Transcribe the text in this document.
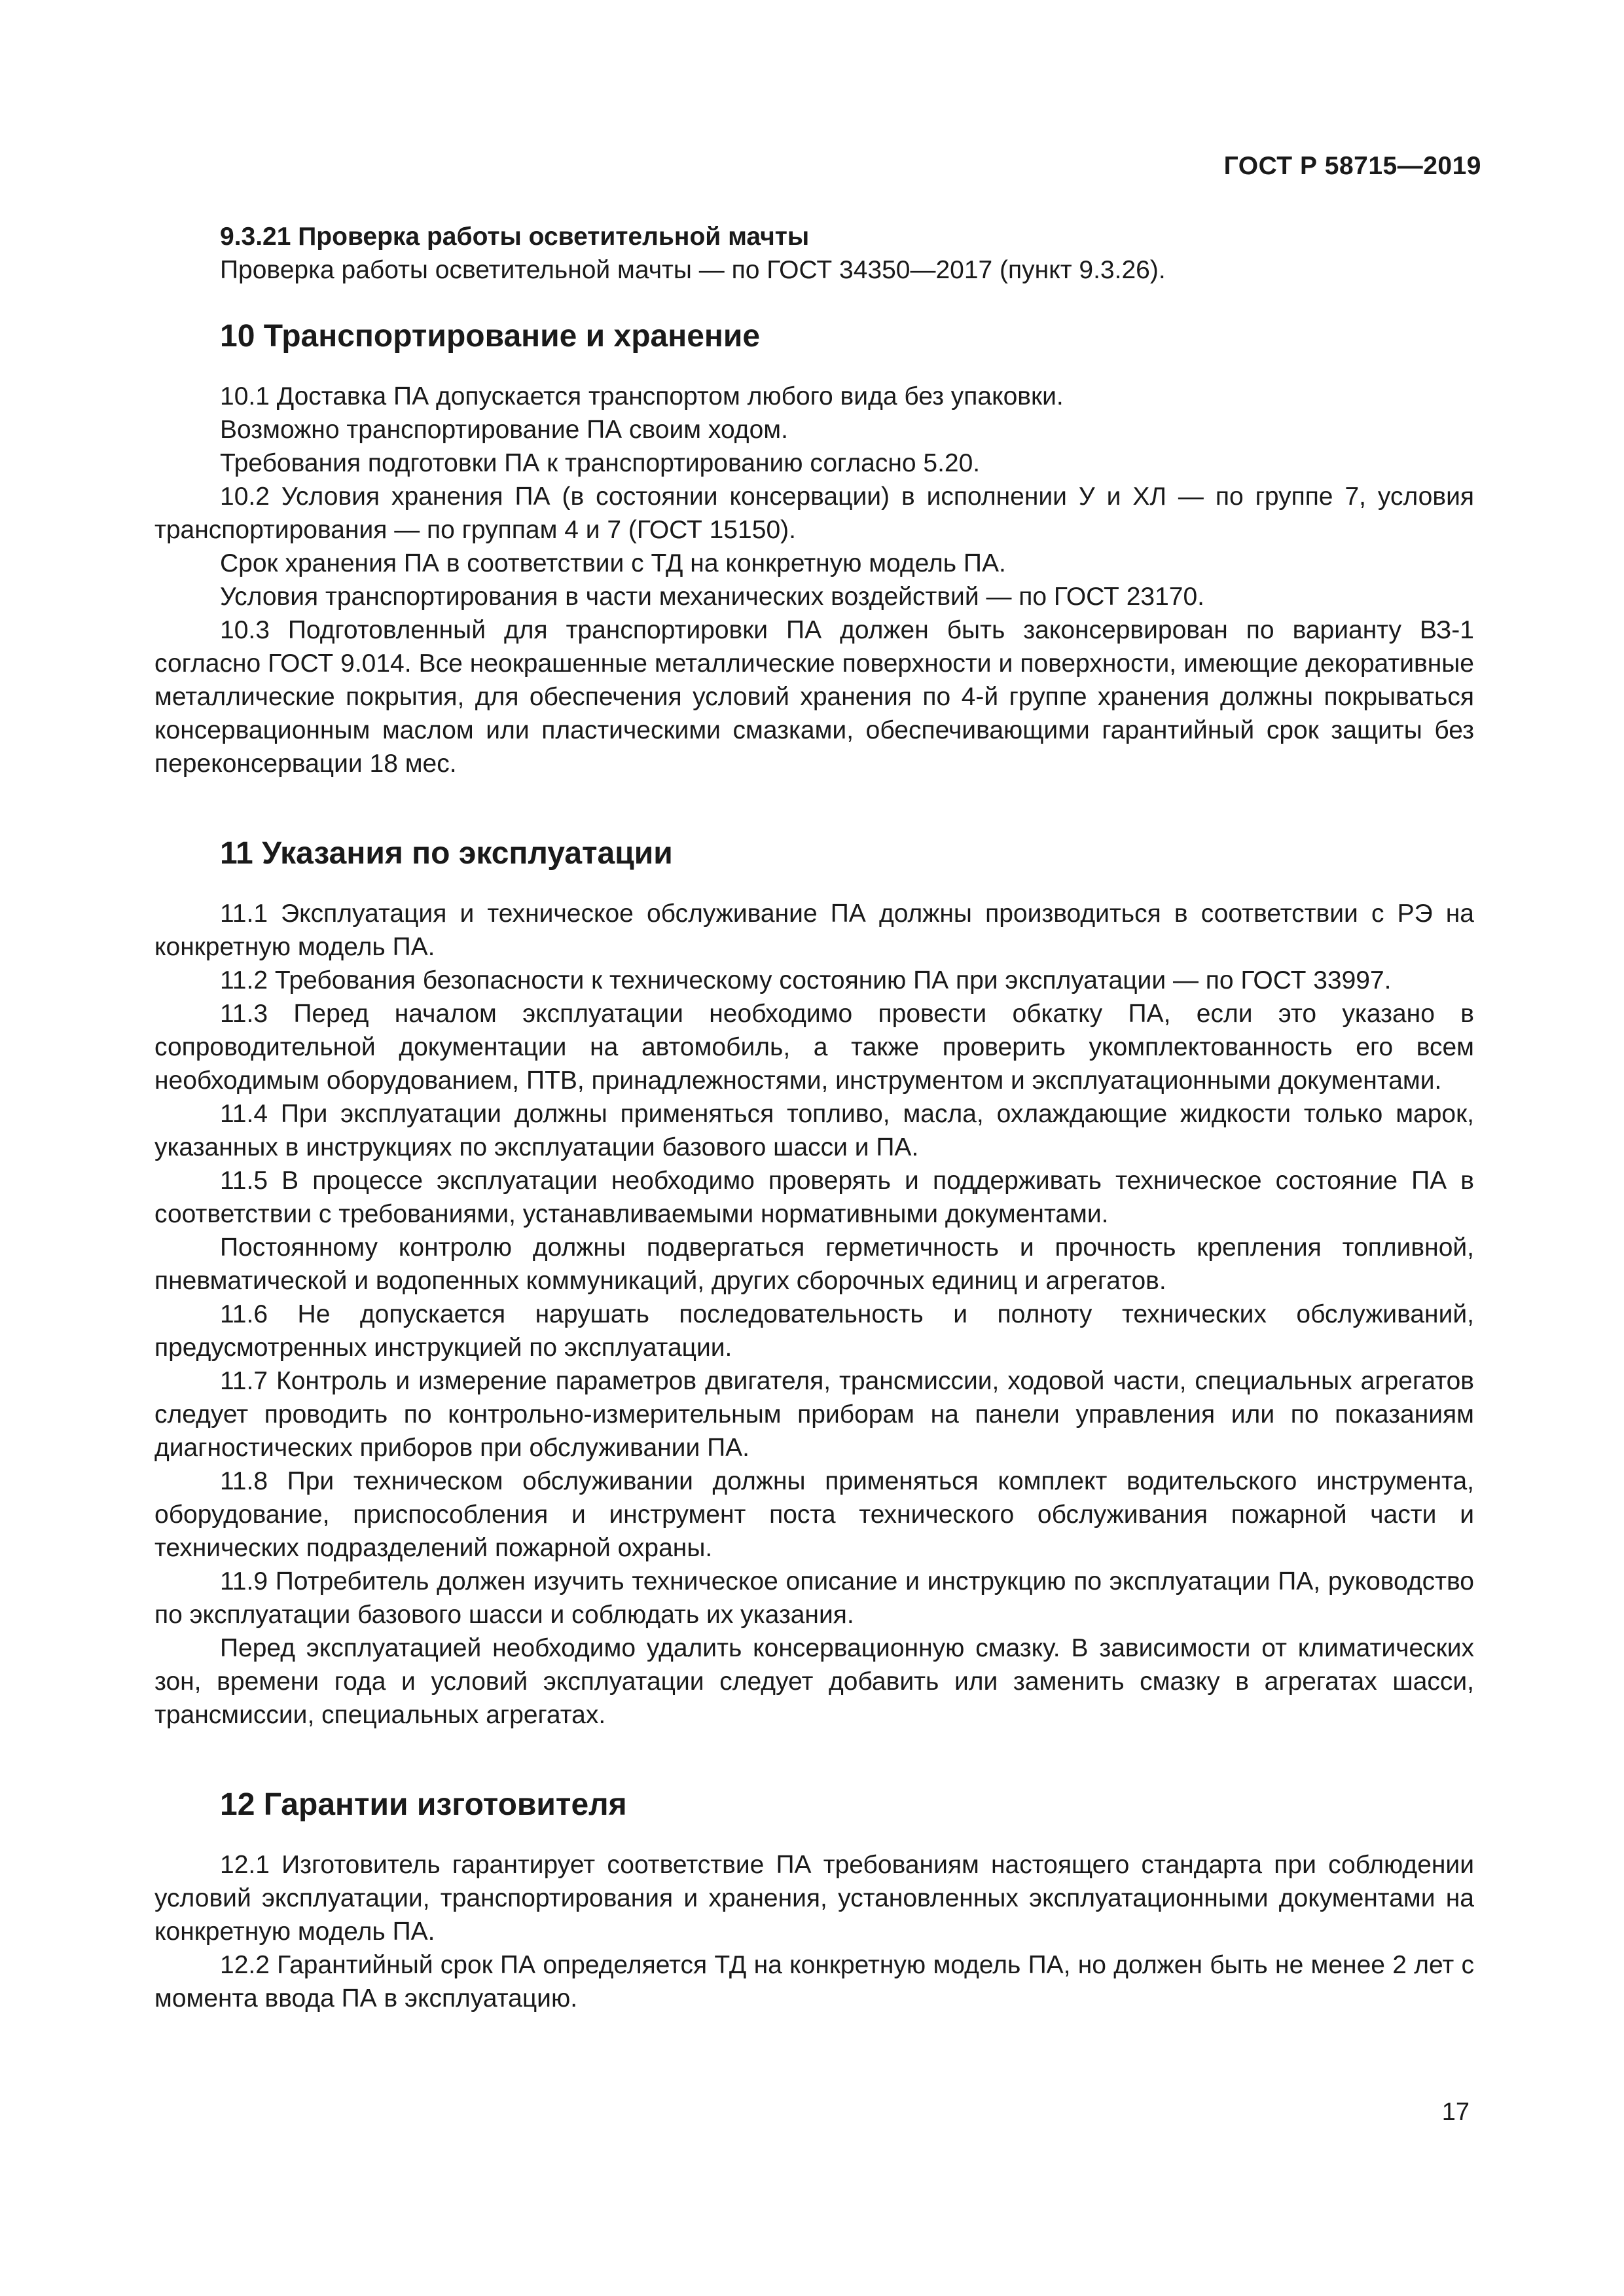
ГОСТ Р 58715—2019
9.3.21 Проверка работы осветительной мачты

Проверка работы осветительной мачты — по ГОСТ 34350—2017 (пункт 9.3.26).

10 Транспортирование и хранение

10.1 Доставка ПА допускается транспортом любого вида без упаковки.

Возможно транспортирование ПА своим ходом.

Требования подготовки ПА к транспортированию согласно 5.20.

10.2 Условия хранения ПА (в состоянии консервации) в исполнении У и ХЛ — по группе 7, условия транспортирования — по группам 4 и 7 (ГОСТ 15150).

Срок хранения ПА в соответствии с ТД на конкретную модель ПА.

Условия транспортирования в части механических воздействий — по ГОСТ 23170.

10.3 Подготовленный для транспортировки ПА должен быть законсервирован по варианту ВЗ-1 согласно ГОСТ 9.014. Все неокрашенные металлические поверхности и поверхности, имеющие декоративные металлические покрытия, для обеспечения условий хранения по 4-й группе хранения должны покрываться консервационным маслом или пластическими смазками, обеспечивающими гарантийный срок защиты без переконсервации 18 мес.

11 Указания по эксплуатации

11.1 Эксплуатация и техническое обслуживание ПА должны производиться в соответствии с РЭ на конкретную модель ПА.

11.2 Требования безопасности к техническому состоянию ПА при эксплуатации — по ГОСТ 33997.

11.3 Перед началом эксплуатации необходимо провести обкатку ПА, если это указано в сопроводительной документации на автомобиль, а также проверить укомплектованность его всем необходимым оборудованием, ПТВ, принадлежностями, инструментом и эксплуатационными документами.

11.4 При эксплуатации должны применяться топливо, масла, охлаждающие жидкости только марок, указанных в инструкциях по эксплуатации базового шасси и ПА.

11.5 В процессе эксплуатации необходимо проверять и поддерживать техническое состояние ПА в соответствии с требованиями, устанавливаемыми нормативными документами.

Постоянному контролю должны подвергаться герметичность и прочность крепления топливной, пневматической и водопенных коммуникаций, других сборочных единиц и агрегатов.

11.6 Не допускается нарушать последовательность и полноту технических обслуживаний, предусмотренных инструкцией по эксплуатации.

11.7 Контроль и измерение параметров двигателя, трансмиссии, ходовой части, специальных агрегатов следует проводить по контрольно-измерительным приборам на панели управления или по показаниям диагностических приборов при обслуживании ПА.

11.8 При техническом обслуживании должны применяться комплект водительского инструмента, оборудование, приспособления и инструмент поста технического обслуживания пожарной части и технических подразделений пожарной охраны.

11.9 Потребитель должен изучить техническое описание и инструкцию по эксплуатации ПА, руководство по эксплуатации базового шасси и соблюдать их указания.

Перед эксплуатацией необходимо удалить консервационную смазку. В зависимости от климатических зон, времени года и условий эксплуатации следует добавить или заменить смазку в агрегатах шасси, трансмиссии, специальных агрегатах.

12 Гарантии изготовителя

12.1 Изготовитель гарантирует соответствие ПА требованиям настоящего стандарта при соблюдении условий эксплуатации, транспортирования и хранения, установленных эксплуатационными документами на конкретную модель ПА.

12.2 Гарантийный срок ПА определяется ТД на конкретную модель ПА, но должен быть не менее 2 лет с момента ввода ПА в эксплуатацию.

17
